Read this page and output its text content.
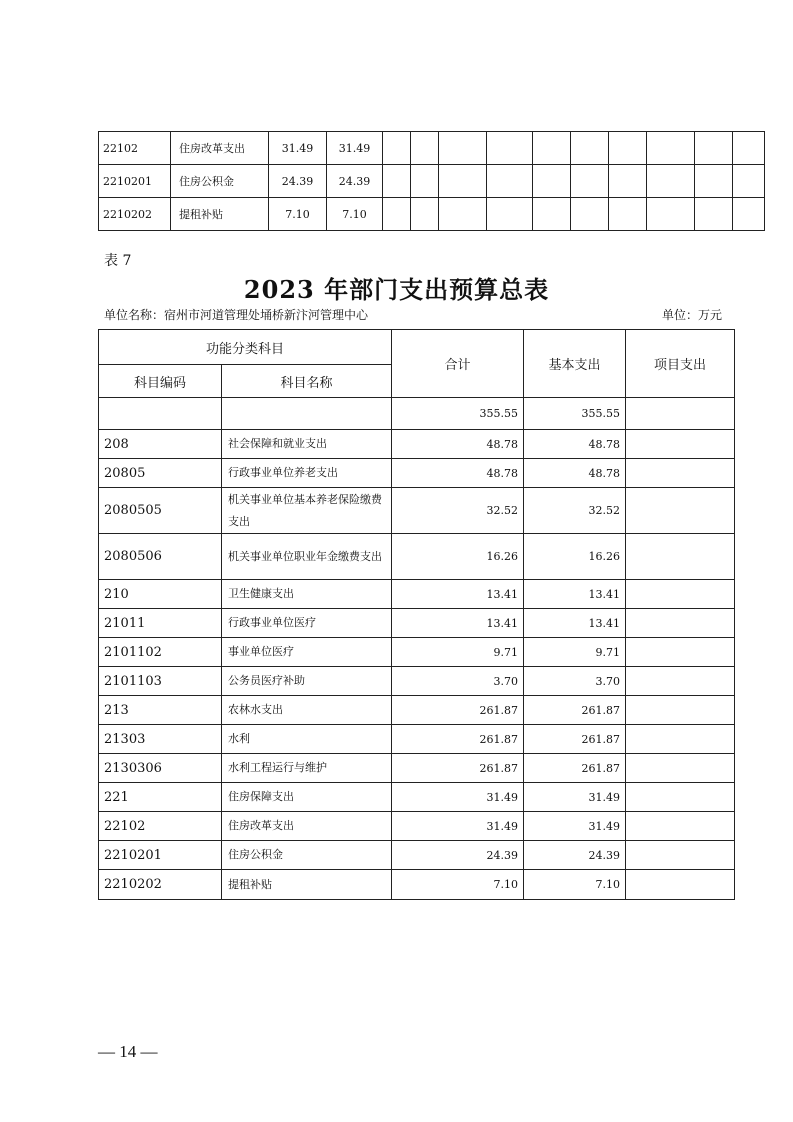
22102	住房改革支出	31.49	31.49										
2210201	住房公积金	24.39	24.39										
2210202	提租补贴	7.10	7.10										
表 7
2023 年部门支出预算总表
单位名称：宿州市河道管理处埇桥新汴河管理中心	单位：万元
功能分类科目		合计	基本支出	项目支出
科目编码	科目名称			
		355.55	355.55	
208	社会保障和就业支出	48.78	48.78	
20805	行政事业单位养老支出	48.78	48.78	
2080505	机关事业单位基本养老保险缴费支出	32.52	32.52	
2080506	机关事业单位职业年金缴费支出	16.26	16.26	
210	卫生健康支出	13.41	13.41	
21011	行政事业单位医疗	13.41	13.41	
2101102	事业单位医疗	9.71	9.71	
2101103	公务员医疗补助	3.70	3.70	
213	农林水支出	261.87	261.87	
21303	水利	261.87	261.87	
2130306	水利工程运行与维护	261.87	261.87	
221	住房保障支出	31.49	31.49	
22102	住房改革支出	31.49	31.49	
2210201	住房公积金	24.39	24.39	
2210202	提租补贴	7.10	7.10	
— 14 —
